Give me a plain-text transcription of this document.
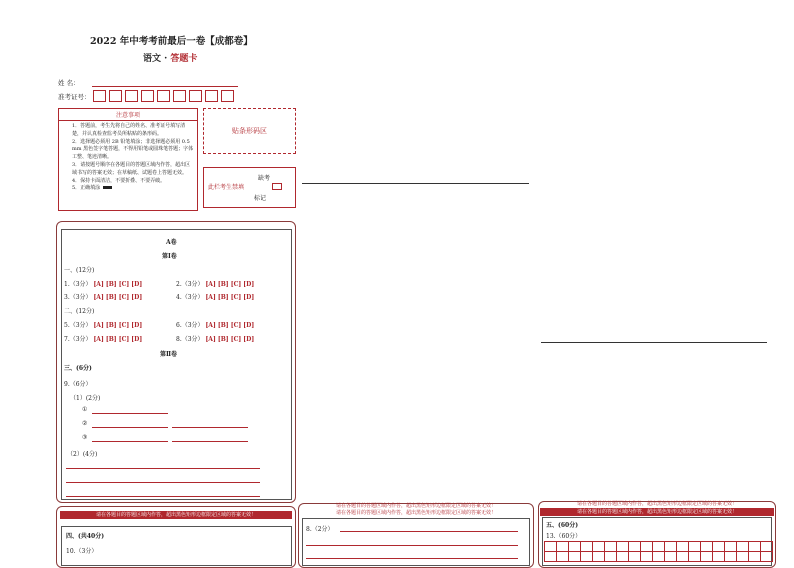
2022 年中考考前最后一卷【成都卷】
语文 · 答题卡
姓 名：
准考证号：
注意事项
1．答题前，考生先将自己的姓名、准考证号填写清楚，并认真检查监考员所粘贴的条形码。
2．选择题必须用 2B 铅笔填涂；非选择题必须用 0.5 mm 黑色签字笔答题，不得用铅笔或圆珠笔答题；字体工整、笔迹清晰。
3．请按题号顺序在各题目的答题区域内作答，超出区域书写的答案无效；在草稿纸、试题卷上答题无效。
4．保持卡面清洁，不要折叠、不要弄破。
5．正确填涂
贴条形码区
缺考
此栏考生禁填
标记
A卷
第Ⅰ卷
一、(12分)
1.（3分） [A] [B] [C] [D]	2.（3分） [A] [B] [C] [D]
3.（3分） [A] [B] [C] [D]	4.（3分） [A] [B] [C] [D]
二、(12分)
5.（3分） [A] [B] [C] [D]	6.（3分） [A] [B] [C] [D]
7.（3分） [A] [B] [C] [D]	8.（3分） [A] [B] [C] [D]
第Ⅱ卷
三、(6分)
9.（6分）
（1）(2分)
①
②
③
（2）(4分)
请在各题目的答题区域内作答，超出黑色矩形边框限定区域的答案无效！
四、(共40分)
10.（3分）
请在各题目的答题区域内作答，超出黑色矩形边框限定区域的答案无效！
请在各题目的答题区域内作答，超出黑色矩形边框限定区域的答案无效！
8.（2分）
请在各题目的答题区域内作答，超出黑色矩形边框限定区域的答案无效！
请在各题目的答题区域内作答，超出黑色矩形边框限定区域的答案无效！
五、(60分)
13.（60分）
